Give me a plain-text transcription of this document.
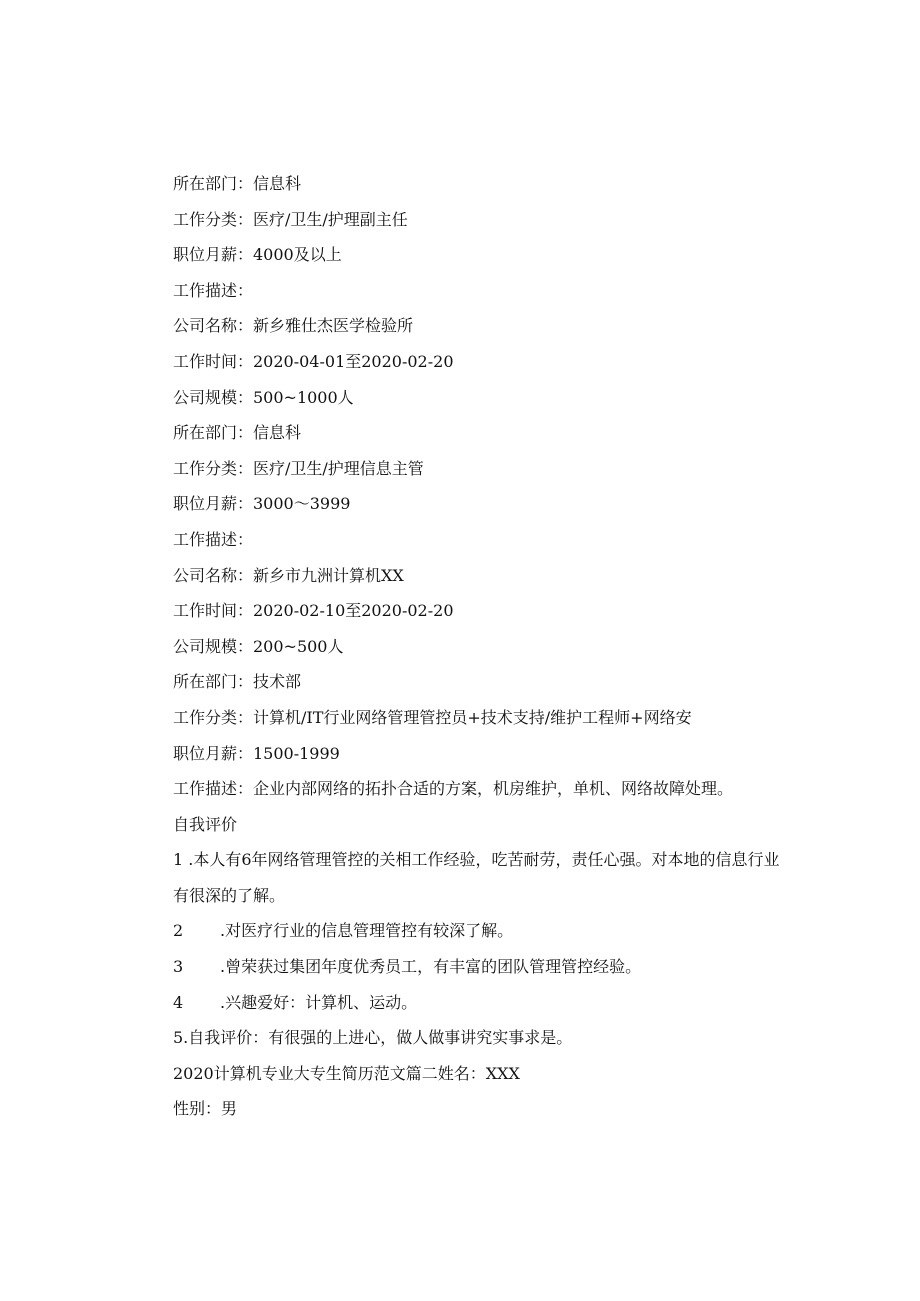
所在部门：信息科
工作分类：医疗/卫生/护理副主任
职位月薪：4000及以上
工作描述：
公司名称：新乡雅仕杰医学检验所
工作时间：2020-04-01至2020-02-20
公司规模：500~1000人
所在部门：信息科
工作分类：医疗/卫生/护理信息主管
职位月薪：3000～3999
工作描述：
公司名称：新乡市九洲计算机XX
工作时间：2020-02-10至2020-02-20
公司规模：200~500人
所在部门：技术部
工作分类：计算机/IT行业网络管理管控员+技术支持/维护工程师+网络安
职位月薪：1500-1999
工作描述：企业内部网络的拓扑合适的方案，机房维护，单机、网络故障处理。
自我评价
1 .本人有6年网络管理管控的关相工作经验，吃苦耐劳，责任心强。对本地的信息行业有很深的了解。
2	.对医疗行业的信息管理管控有较深了解。
3	.曾荣获过集团年度优秀员工，有丰富的团队管理管控经验。
4	.兴趣爱好：计算机、运动。
5.自我评价：有很强的上进心，做人做事讲究实事求是。
2020计算机专业大专生简历范文篇二姓名：XXX
性别：男
